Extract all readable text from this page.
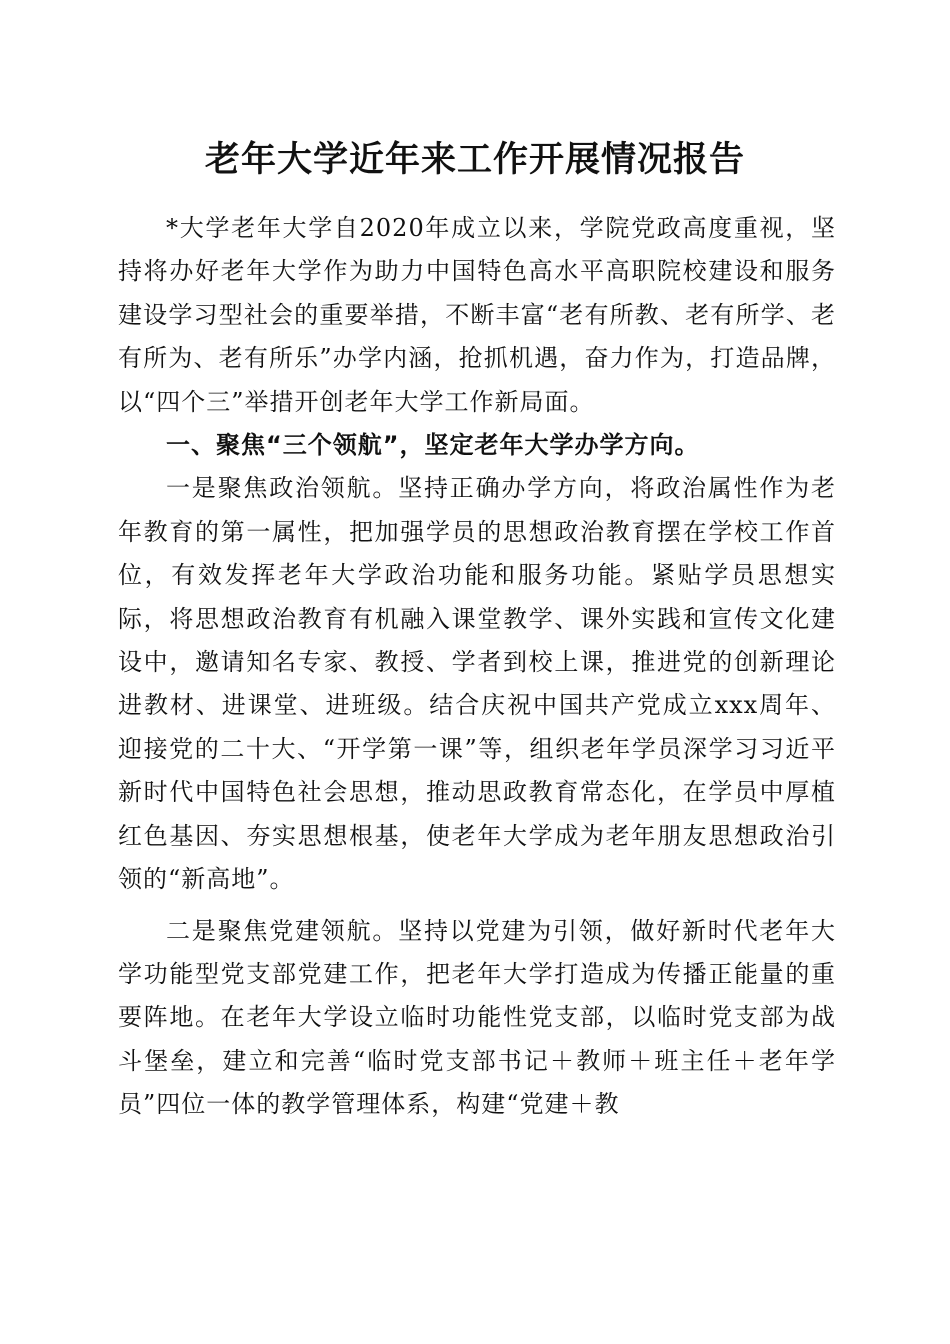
老年大学近年来工作开展情况报告

*大学老年大学自2020年成立以来，学院党政高度重视，坚持将办好老年大学作为助力中国特色高水平高职院校建设和服务建设学习型社会的重要举措，不断丰富“老有所教、老有所学、老有所为、老有所乐”办学内涵，抢抓机遇，奋力作为，打造品牌，以“四个三”举措开创老年大学工作新局面。

一、聚焦“三个领航”，坚定老年大学办学方向。

一是聚焦政治领航。坚持正确办学方向，将政治属性作为老年教育的第一属性，把加强学员的思想政治教育摆在学校工作首位，有效发挥老年大学政治功能和服务功能。紧贴学员思想实际，将思想政治教育有机融入课堂教学、课外实践和宣传文化建设中，邀请知名专家、教授、学者到校上课，推进党的创新理论进教材、进课堂、进班级。结合庆祝中国共产党成立xxx周年、迎接党的二十大、“开学第一课”等，组织老年学员深学习习近平新时代中国特色社会思想，推动思政教育常态化，在学员中厚植红色基因、夯实思想根基，使老年大学成为老年朋友思想政治引领的“新高地”。

二是聚焦党建领航。坚持以党建为引领，做好新时代老年大学功能型党支部党建工作，把老年大学打造成为传播正能量的重要阵地。在老年大学设立临时功能性党支部，以临时党支部为战斗堡垒，建立和完善“临时党支部书记＋教师＋班主任＋老年学员”四位一体的教学管理体系，构建“党建＋教
